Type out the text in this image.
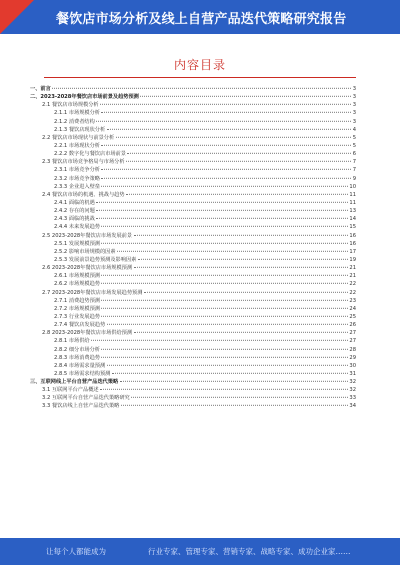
餐饮店市场分析及线上自营产品迭代策略研究报告
内容目录
一、前言	3
二、2023-2028年餐饮店市场前景及趋势预测	3
2.1 餐饮店市场规模分析	3
2.1.1 市场规模分析	3
2.1.2 消费者结构	3
2.1.3 餐饮店现状分析	4
2.2 餐饮店市场现状与前景分析	5
2.2.1 市场现状分析	5
2.2.2 数字化与餐饮店市场前景	6
2.3 餐饮店市场竞争格局与市场分析	7
2.3.1 市场竞争分析	7
2.3.2 市场竞争策略	9
2.3.3 企业进入壁垒	10
2.4 餐饮店市场的机遇、挑战与趋势	11
2.4.1 面临的机遇	11
2.4.2 存在的问题	13
2.4.3 面临的挑战	14
2.4.4 未来发展趋势	15
2.5 2023-2028年餐饮店市场发展前景	16
2.5.1 发展规模预测	16
2.5.2 影响市场规模的因素	17
2.5.3 发展前景趋势预测及影响因素	19
2.6 2023-2028年餐饮店市场规模预测	21
2.6.1 市场规模预测	21
2.6.2 市场规模趋势	22
2.7 2023-2028年餐饮店市场发展趋势预测	22
2.7.1 消费趋势预测	23
2.7.2 市场规模预测	24
2.7.3 行业发展趋势	25
2.7.4 餐饮店发展趋势	26
2.8 2023-2028年餐饮店市场供给预测	27
2.8.1 市场供给	27
2.8.2 细分市场分析	28
2.8.3 市场消费趋势	29
2.8.4 市场需求量预测	30
2.8.5 市场需求结构预测	31
三、互联网线上平台自营产品迭代策略	32
3.1 互联网平台产品概述	32
3.2 互联网平台自营产品迭代策略研究	33
3.3 餐饮店线上自营产品迭代策略	34
让每个人都能成为	行业专家、管理专家、营销专家、战略专家、成功企业家……
